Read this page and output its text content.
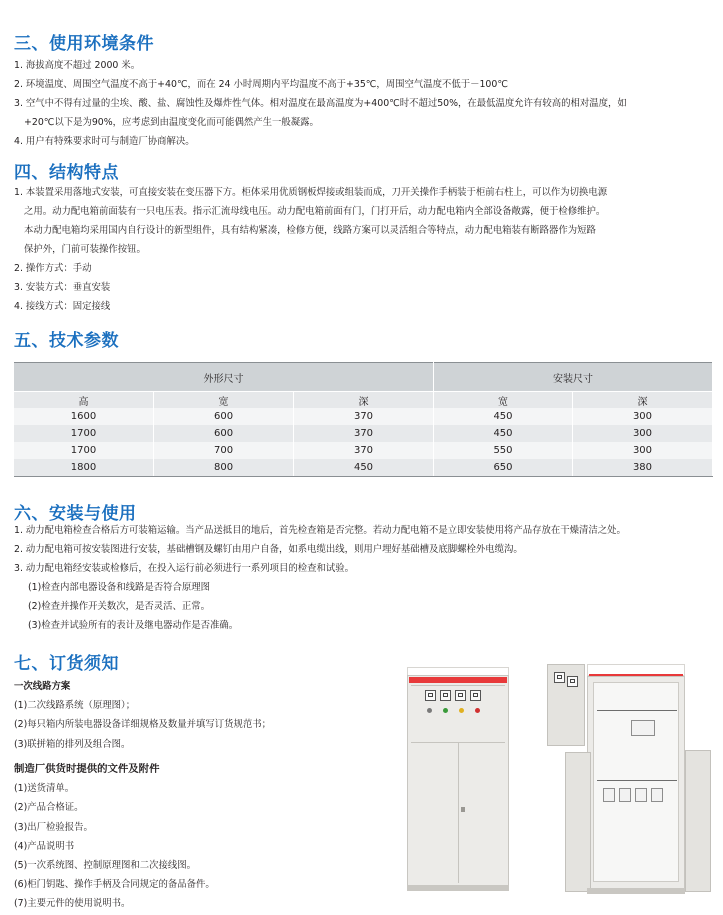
三、使用环境条件
1. 海拔高度不超过 2000 米。
2. 环境温度、周围空气温度不高于+40℃，而在 24 小时周期内平均温度不高于+35℃，周围空气温度不低于－100℃
3. 空气中不得有过量的尘埃、酸、盐、腐蚀性及爆炸性气体。相对温度在最高温度为+400℃时不超过50%，在最低温度允许有较高的相对温度，如
+20℃以下是为90%，应考虑到由温度变化而可能偶然产生一般凝露。
4. 用户有特殊要求时可与制造厂协商解决。
四、结构特点
1. 本装置采用落地式安装，可直接安装在变压器下方。柜体采用优质钢板焊接或组装而成，刀开关操作手柄装于柜前右柱上，可以作为切换电源
之用。动力配电箱前面装有一只电压表。指示汇流母线电压。动力配电箱前面有门，门打开后，动力配电箱内全部设备敞露，便于检修维护。
本动力配电箱均采用国内自行设计的新型组件，具有结构紧凑，检修方便，线路方案可以灵活组合等特点，动力配电箱装有断路器作为短路
保护外，门前可装操作按钮。
2. 操作方式：手动
3. 安装方式：垂直安装
4. 接线方式：固定接线
五、技术参数
外形尺寸			安装尺寸	
高	宽	深	宽	深
1600	600	370	450	300
1700	600	370	450	300
1700	700	370	550	300
1800	800	450	650	380
六、安装与使用
1. 动力配电箱检查合格后方可装箱运输。当产品送抵目的地后，首先检查箱是否完整。若动力配电箱不是立即安装使用将产品存放在干燥清洁之处。
2. 动力配电箱可按安装图进行安装，基础槽钢及螺钉由用户自备，如系电缆出线，则用户埋好基础槽及底脚螺栓外电缆沟。
3. 动力配电箱经安装或检修后，在投入运行前必须进行一系列项目的检查和试验。
(1)检查内部电器设备和线路是否符合原理图
(2)检查并操作开关数次，是否灵活、正常。
(3)检查并试验所有的表计及继电器动作是否准确。
七、订货须知
一次线路方案
(1)二次线路系统（原理图）；
(2)每只箱内所装电器设备详细规格及数量并填写订货规范书；
(3)联拼箱的排列及组合图。
制造厂供货时提供的文件及附件
(1)送货清单。
(2)产品合格证。
(3)出厂检验报告。
(4)产品说明书
(5)一次系统图、控制原理图和二次接线图。
(6)柜门钥匙、操作手柄及合同规定的备品备件。
(7)主要元件的使用说明书。
